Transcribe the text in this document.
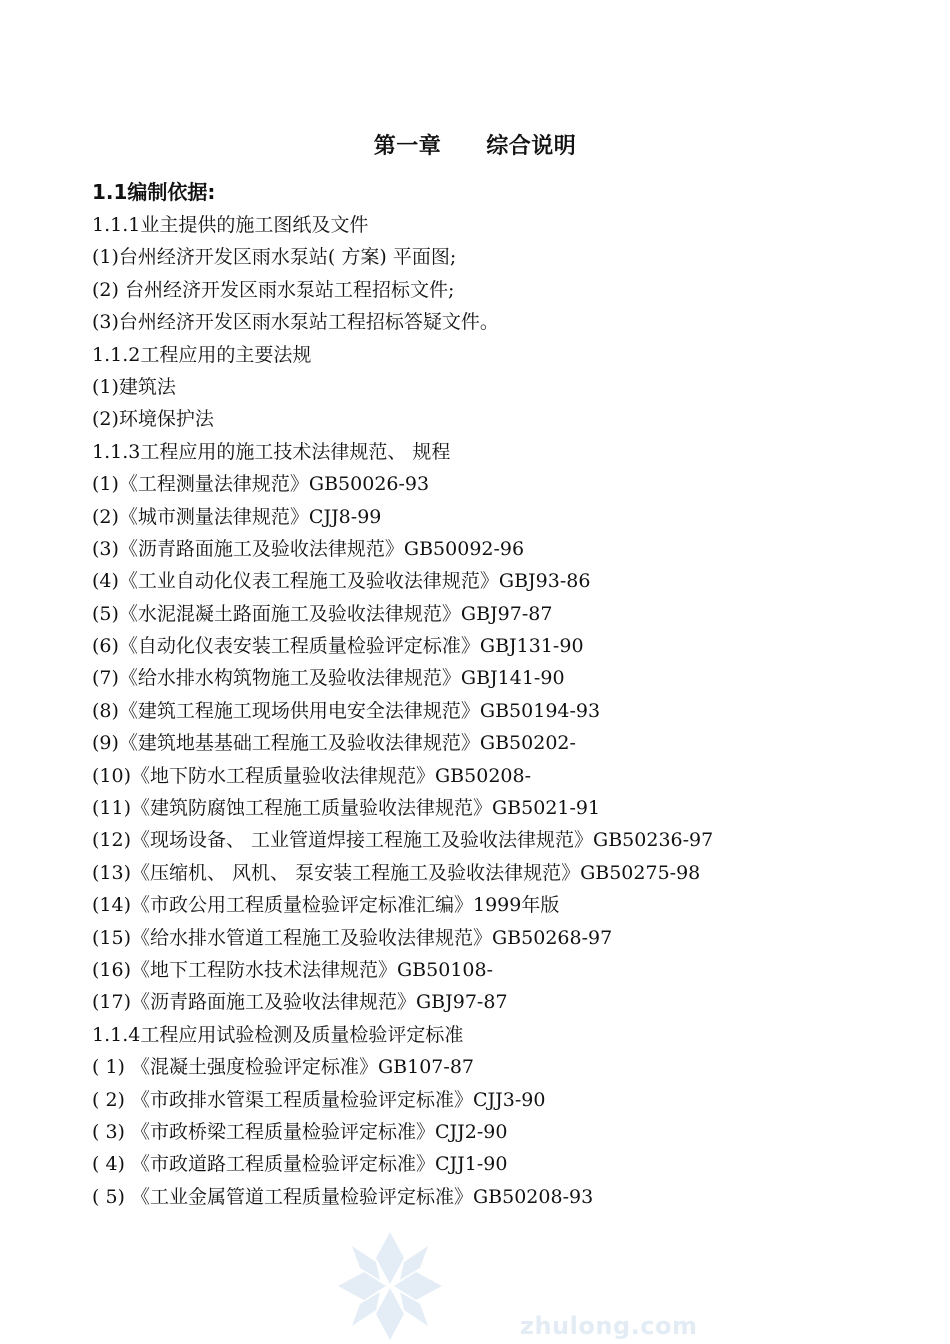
第一章　　综合说明
1.1编制依据:
1.1.1业主提供的施工图纸及文件
(1)台州经济开发区雨水泵站( 方案) 平面图;
(2) 台州经济开发区雨水泵站工程招标文件;
(3)台州经济开发区雨水泵站工程招标答疑文件。
1.1.2工程应用的主要法规
(1)建筑法
(2)环境保护法
1.1.3工程应用的施工技术法律规范、 规程
(1)《工程测量法律规范》GB50026-93
(2)《城市测量法律规范》CJJ8-99
(3)《沥青路面施工及验收法律规范》GB50092-96
(4)《工业自动化仪表工程施工及验收法律规范》GBJ93-86
(5)《水泥混凝土路面施工及验收法律规范》GBJ97-87
(6)《自动化仪表安装工程质量检验评定标准》GBJ131-90
(7)《给水排水构筑物施工及验收法律规范》GBJ141-90
(8)《建筑工程施工现场供用电安全法律规范》GB50194-93
(9)《建筑地基基础工程施工及验收法律规范》GB50202-
(10)《地下防水工程质量验收法律规范》GB50208-
(11)《建筑防腐蚀工程施工质量验收法律规范》GB5021-91
(12)《现场设备、 工业管道焊接工程施工及验收法律规范》GB50236-97
(13)《压缩机、 风机、 泵安装工程施工及验收法律规范》GB50275-98
(14)《市政公用工程质量检验评定标准汇编》1999年版
(15)《给水排水管道工程施工及验收法律规范》GB50268-97
(16)《地下工程防水技术法律规范》GB50108-
(17)《沥青路面施工及验收法律规范》GBJ97-87
1.1.4工程应用试验检测及质量检验评定标准
( 1) 《混凝土强度检验评定标准》GB107-87
( 2) 《市政排水管渠工程质量检验评定标准》CJJ3-90
( 3) 《市政桥梁工程质量检验评定标准》CJJ2-90
( 4) 《市政道路工程质量检验评定标准》CJJ1-90
( 5) 《工业金属管道工程质量检验评定标准》GB50208-93
zhulong.com
